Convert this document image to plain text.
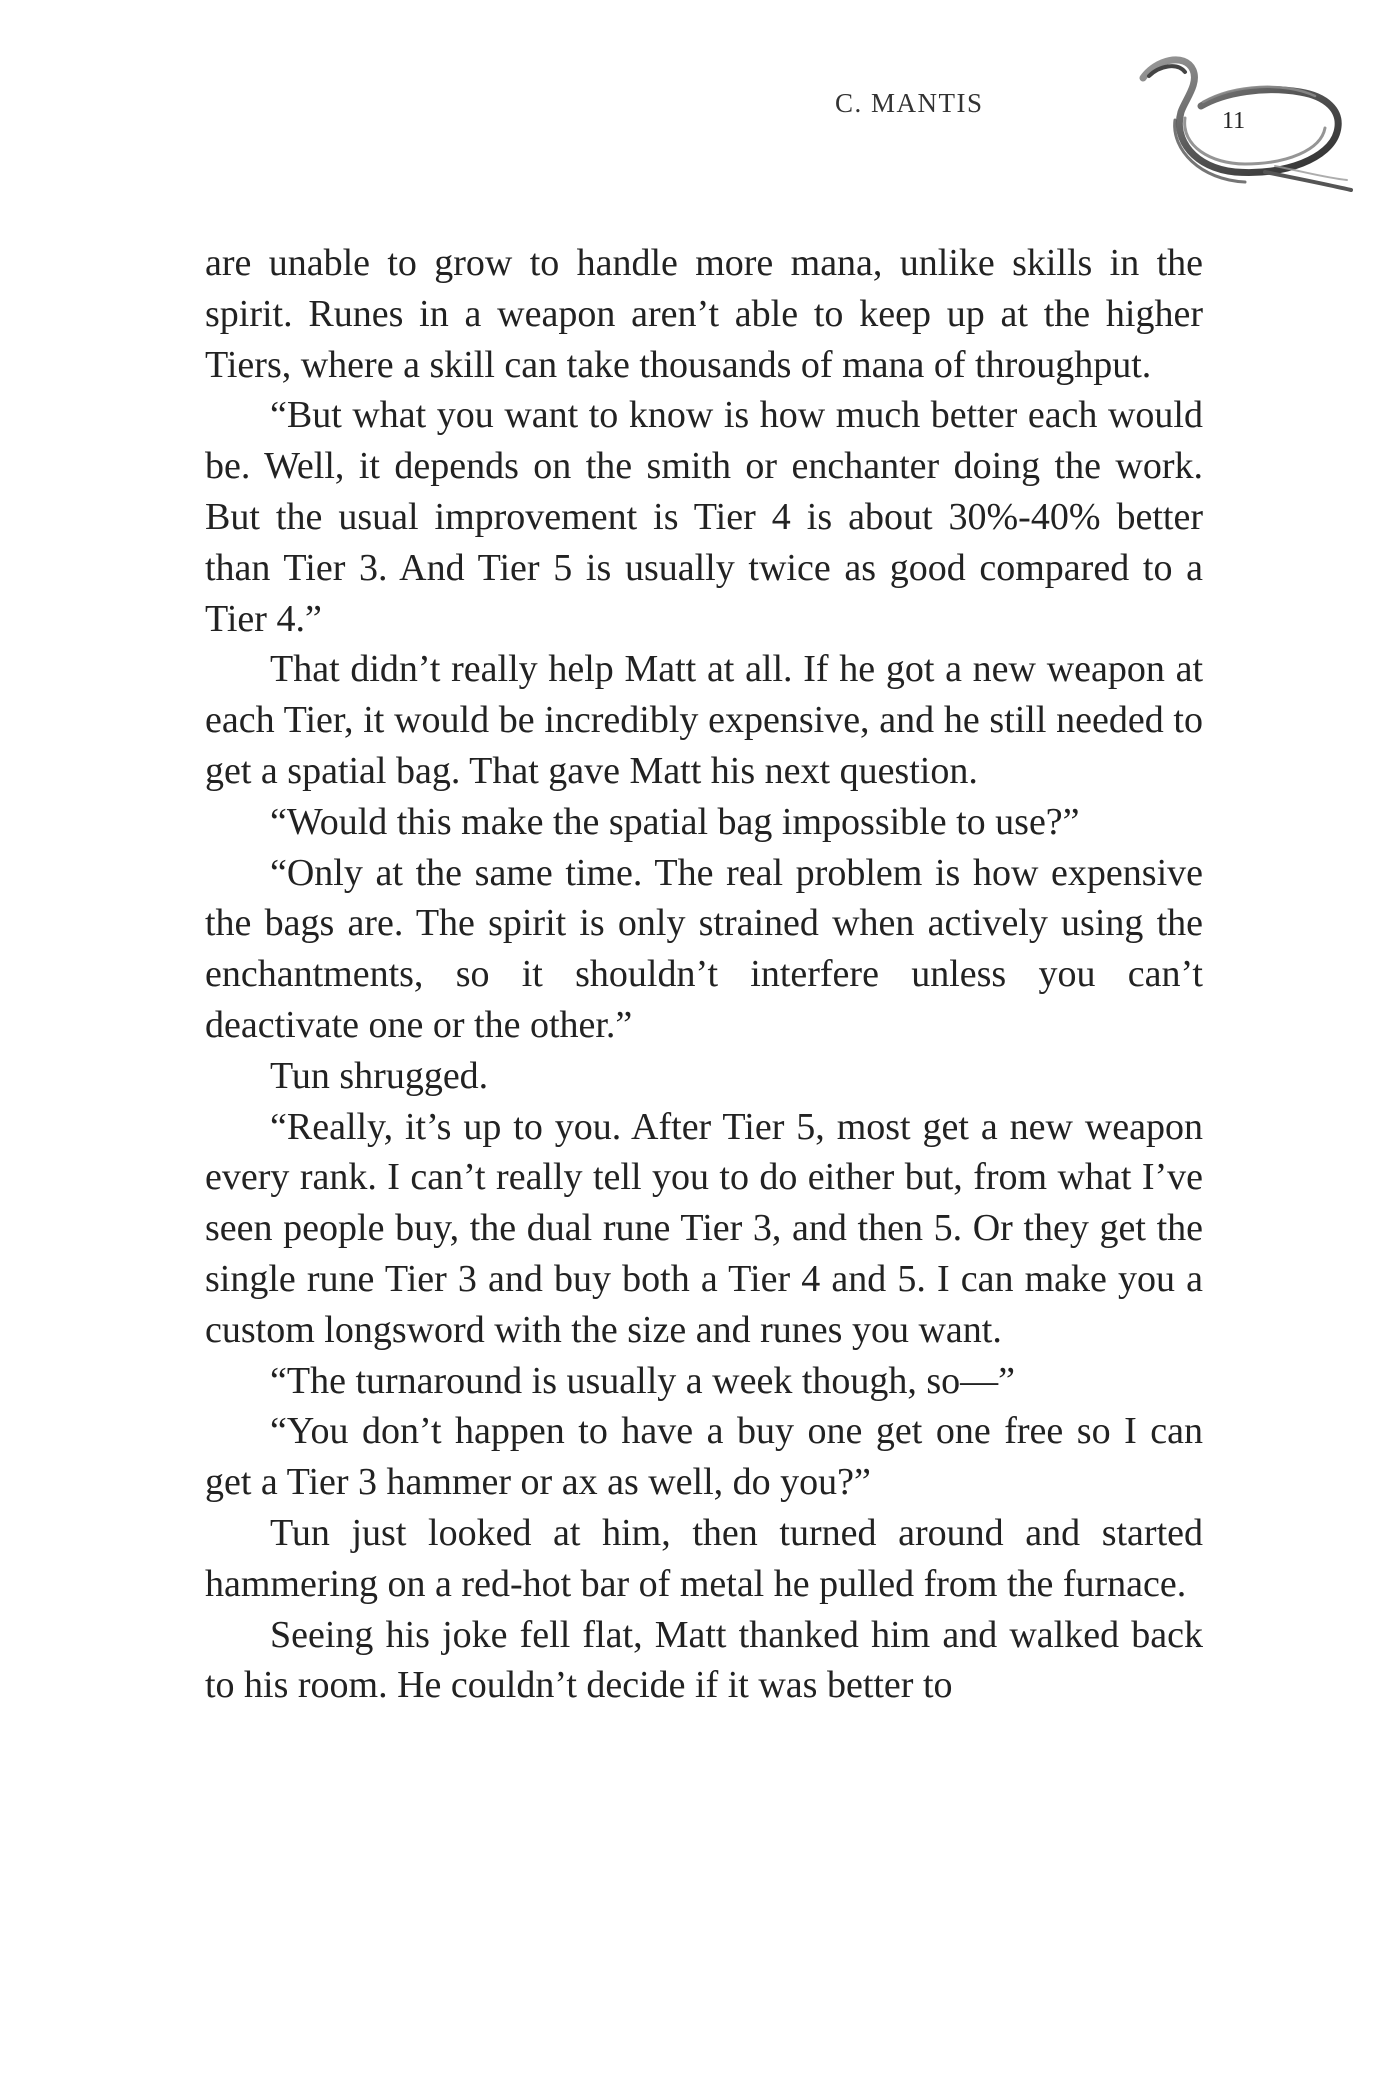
C. MANTIS
11

are unable to grow to handle more mana, unlike skills in the spirit. Runes in a weapon aren’t able to keep up at the higher Tiers, where a skill can take thousands of mana of throughput.

“But what you want to know is how much better each would be. Well, it depends on the smith or enchanter doing the work. But the usual improvement is Tier 4 is about 30%-40% better than Tier 3. And Tier 5 is usually twice as good compared to a Tier 4.”

That didn’t really help Matt at all. If he got a new weapon at each Tier, it would be incredibly expensive, and he still needed to get a spatial bag. That gave Matt his next question.

“Would this make the spatial bag impossible to use?”

“Only at the same time. The real problem is how expensive the bags are. The spirit is only strained when actively using the enchantments, so it shouldn’t interfere unless you can’t deactivate one or the other.”

Tun shrugged.

“Really, it’s up to you. After Tier 5, most get a new weapon every rank. I can’t really tell you to do either but, from what I’ve seen people buy, the dual rune Tier 3, and then 5. Or they get the single rune Tier 3 and buy both a Tier 4 and 5. I can make you a custom longsword with the size and runes you want.

“The turnaround is usually a week though, so—”

“You don’t happen to have a buy one get one free so I can get a Tier 3 hammer or ax as well, do you?”

Tun just looked at him, then turned around and started hammering on a red-hot bar of metal he pulled from the furnace.

Seeing his joke fell flat, Matt thanked him and walked back to his room. He couldn’t decide if it was better to
